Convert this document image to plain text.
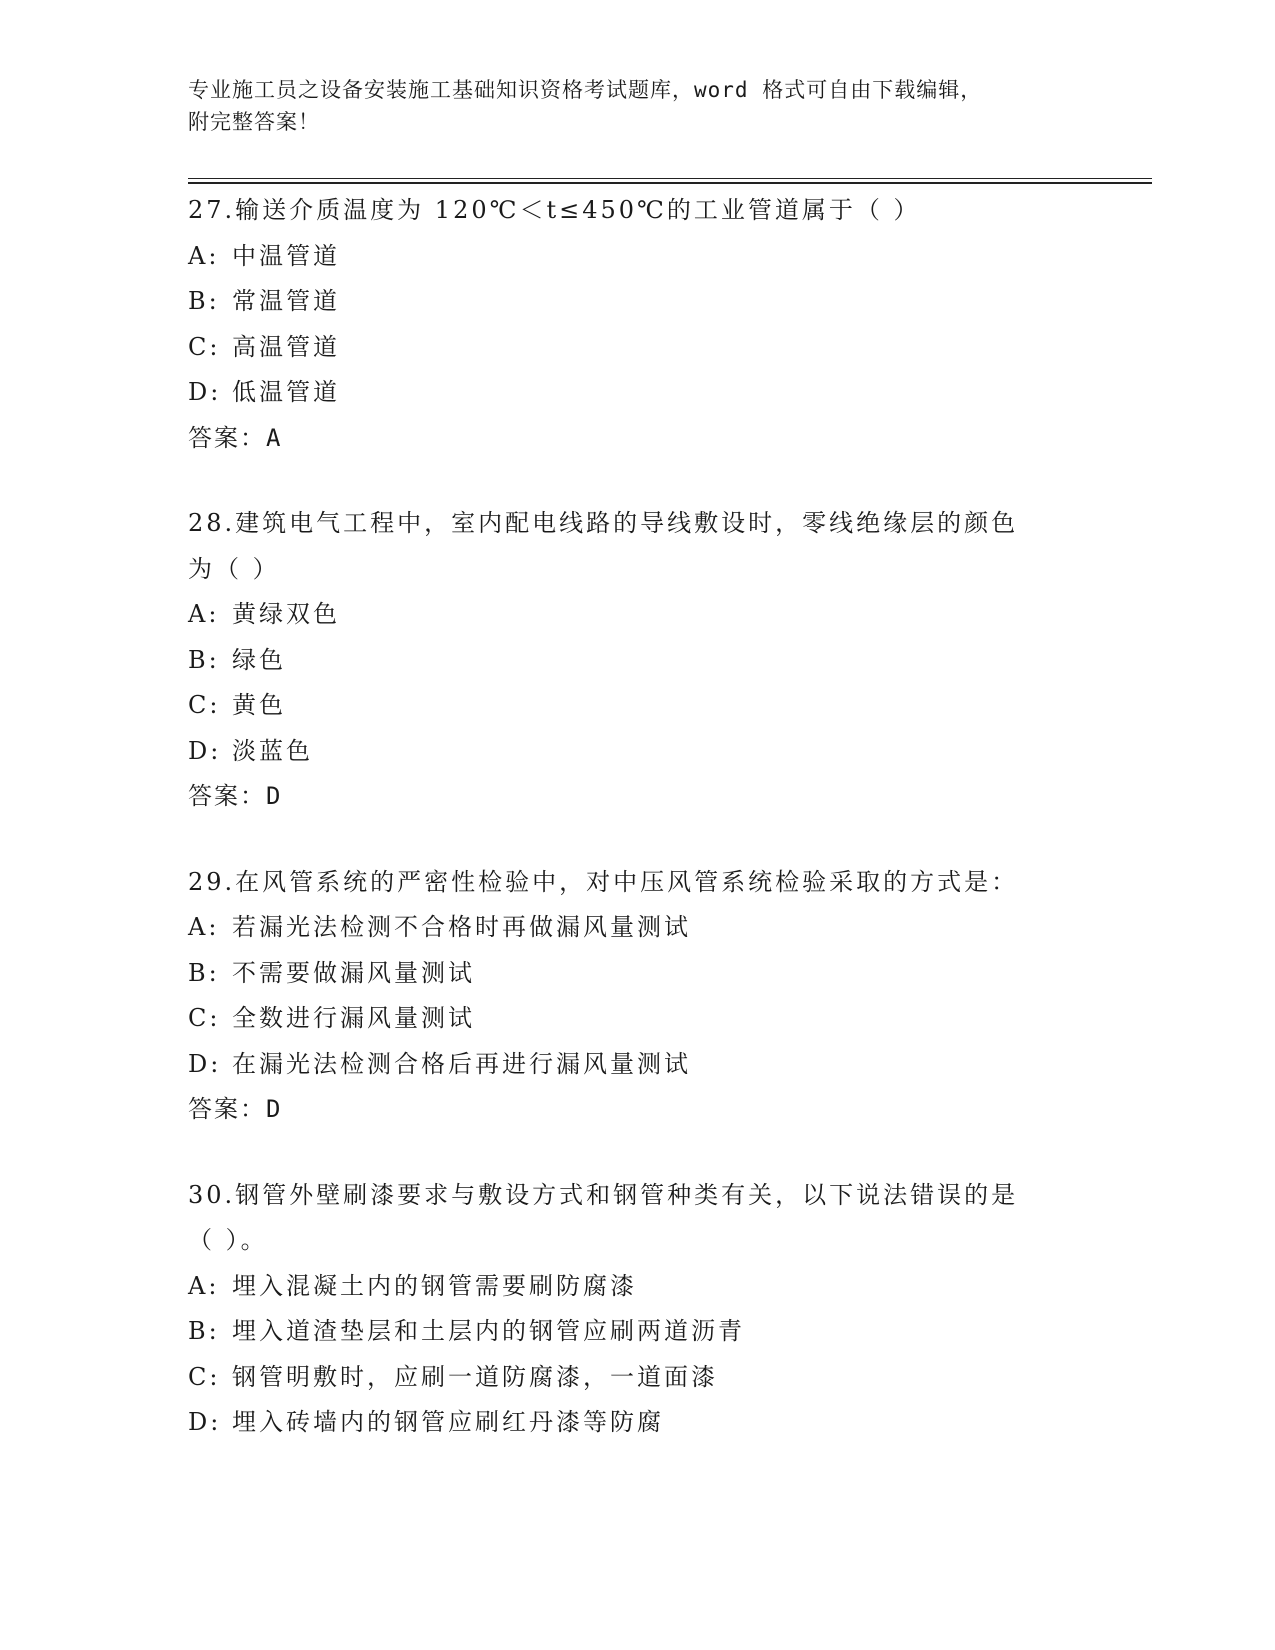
专业施工员之设备安装施工基础知识资格考试题库，word 格式可自由下载编辑，
附完整答案！
27.输送介质温度为 120℃＜t≤450℃的工业管道属于（ ）
A: 中温管道
B: 常温管道
C: 高温管道
D: 低温管道
答案：A
28.建筑电气工程中，室内配电线路的导线敷设时，零线绝缘层的颜色
为（ ）
A: 黄绿双色
B: 绿色
C: 黄色
D: 淡蓝色
答案：D
29.在风管系统的严密性检验中，对中压风管系统检验采取的方式是：
A: 若漏光法检测不合格时再做漏风量测试
B: 不需要做漏风量测试
C: 全数进行漏风量测试
D: 在漏光法检测合格后再进行漏风量测试
答案：D
30.钢管外壁刷漆要求与敷设方式和钢管种类有关，以下说法错误的是
（ ）。
A: 埋入混凝土内的钢管需要刷防腐漆
B: 埋入道渣垫层和土层内的钢管应刷两道沥青
C: 钢管明敷时，应刷一道防腐漆，一道面漆
D: 埋入砖墙内的钢管应刷红丹漆等防腐
